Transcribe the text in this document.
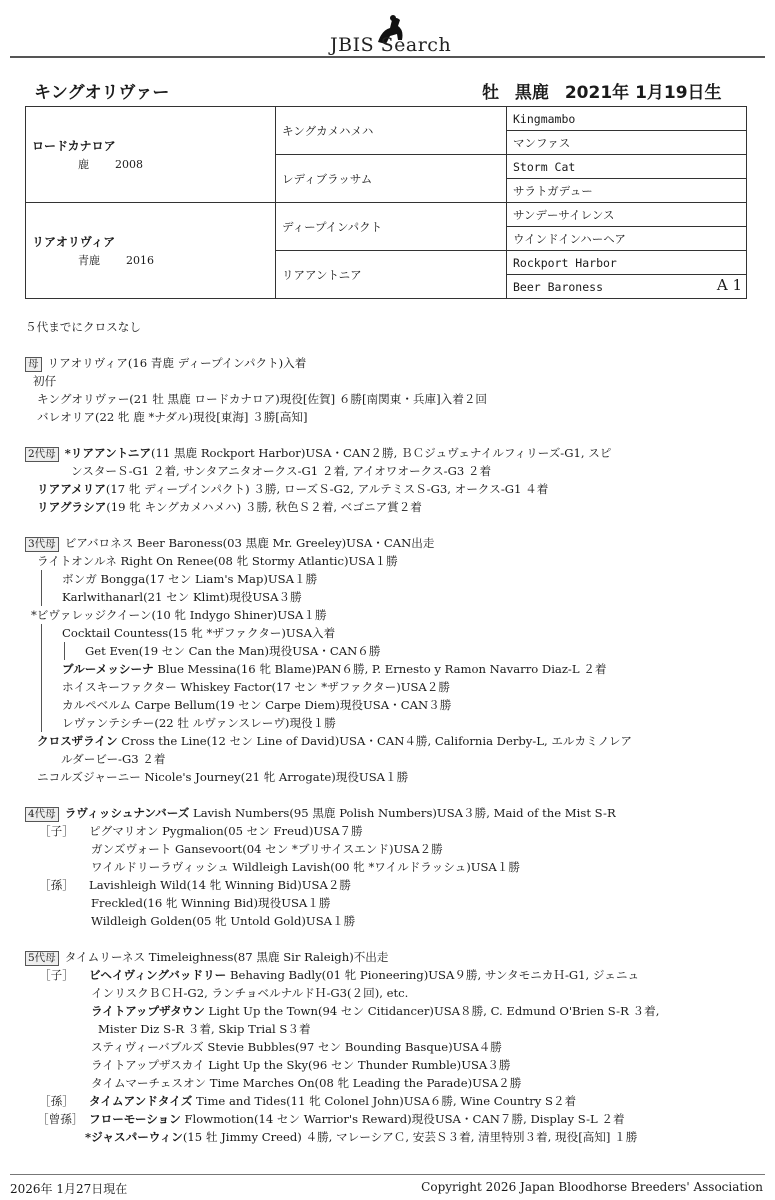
JBIS Search
キングオリヴァー	牡 黒鹿 2021年 1月19日生
ロードカナロア
鹿 2008	キングカメハメハ	Kingmambo
		マンファス
	レディブラッサム	Storm Cat
		サラトガデュー

リアオリヴィア
青鹿 2016	ディープインパクト	サンデーサイレンス
		ウインドインハーヘア
	リアアントニア	Rockport Harbor
		Beer Baroness A 1
５代までにクロスなし
母 リアオリヴィア(16 青鹿 ディープインパクト)入着
初仔
キングオリヴァー(21 牡 黒鹿 ロードカナロア)現役[佐賀] ６勝[南関東・兵庫]入着２回
バレオリア(22 牝 鹿 *ナダル)現役[東海] ３勝[高知]
2代母 *リアアントニア(11 黒鹿 Rockport Harbor)USA・CAN２勝, ＢＣジュヴェナイルフィリーズ-G1, スピ
ンスターＳ-G1 ２着, サンタアニタオークス-G1 ２着, アイオワオークス-G3 ２着
リアアメリア(17 牝 ディープインパクト) ３勝, ローズＳ-G2, アルテミスＳ-G3, オークス-G1 ４着
リアグラシア(19 牝 キングカメハメハ) ３勝, 秋色Ｓ２着, ベゴニア賞２着
3代母 ビアバロネス Beer Baroness(03 黒鹿 Mr. Greeley)USA・CAN出走
ライトオンルネ Right On Renee(08 牝 Stormy Atlantic)USA１勝
ボンガ Bongga(17 セン Liam's Map)USA１勝
Karlwithanarl(21 セン Klimt)現役USA３勝
*ビヴァレッジクイーン(10 牝 Indygo Shiner)USA１勝
Cocktail Countess(15 牝 *ザファクター)USA入着
Get Even(19 セン Can the Man)現役USA・CAN６勝
ブルーメッシーナ Blue Messina(16 牝 Blame)PAN６勝, P. Ernesto y Ramon Navarro Diaz-L ２着
ホイスキーファクター Whiskey Factor(17 セン *ザファクター)USA２勝
カルペベルム Carpe Bellum(19 セン Carpe Diem)現役USA・CAN３勝
レヴァンテシチー(22 牡 ルヴァンスレーヴ)現役１勝
クロスザライン Cross the Line(12 セン Line of David)USA・CAN４勝, California Derby-L, エルカミノレア
ルダービー-G3 ２着
ニコルズジャーニー Nicole's Journey(21 牝 Arrogate)現役USA１勝
4代母 ラヴィッシュナンバーズ Lavish Numbers(95 黒鹿 Polish Numbers)USA３勝, Maid of the Mist S-R
［子］ ピグマリオン Pygmalion(05 セン Freud)USA７勝
ガンズヴォート Gansevoort(04 セン *ブリサイスエンド)USA２勝
ワイルドリーラヴィッシュ Wildleigh Lavish(00 牝 *ワイルドラッシュ)USA１勝
［孫］ Lavishleigh Wild(14 牝 Winning Bid)USA２勝
Freckled(16 牝 Winning Bid)現役USA１勝
Wildleigh Golden(05 牝 Untold Gold)USA１勝
5代母 タイムリーネス Timeleighness(87 黒鹿 Sir Raleigh)不出走
［子］ ビヘイヴィングバッドリー Behaving Badly(01 牝 Pioneering)USA９勝, サンタモニカＨ-G1, ジェニュ
インリスクＢＣＨ-G2, ランチョベルナルドＨ-G3(２回), etc.
ライトアップザタウン Light Up the Town(94 セン Citidancer)USA８勝, C. Edmund O'Brien S-R ３着,
Mister Diz S-R ３着, Skip Trial S３着
スティヴィーバブルズ Stevie Bubbles(97 セン Bounding Basque)USA４勝
ライトアップザスカイ Light Up the Sky(96 セン Thunder Rumble)USA３勝
タイムマーチェスオン Time Marches On(08 牝 Leading the Parade)USA２勝
［孫］ タイムアンドタイズ Time and Tides(11 牝 Colonel John)USA６勝, Wine Country S２着
［曾孫］ フローモーション Flowmotion(14 セン Warrior's Reward)現役USA・CAN７勝, Display S-L ２着
*ジャスパーウィン(15 牡 Jimmy Creed) ４勝, マレーシアＣ, 安芸Ｓ３着, 清里特別３着, 現役[高知] １勝
2026年 1月27日現在	Copyright 2026 Japan Bloodhorse Breeders' Association
